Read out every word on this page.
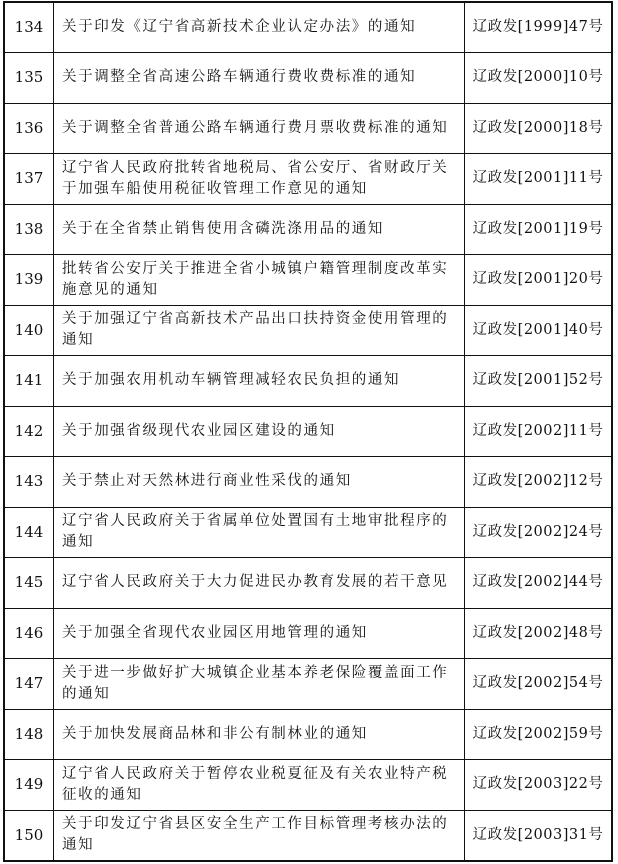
134	关于印发《辽宁省高新技术企业认定办法》的通知	辽政发[1999]47号
135	关于调整全省高速公路车辆通行费收费标准的通知	辽政发[2000]10号
136	关于调整全省普通公路车辆通行费月票收费标准的通知	辽政发[2000]18号
137	辽宁省人民政府批转省地税局、省公安厅、省财政厅关于加强车船使用税征收管理工作意见的通知	辽政发[2001]11号
138	关于在全省禁止销售使用含磷洗涤用品的通知	辽政发[2001]19号
139	批转省公安厅关于推进全省小城镇户籍管理制度改革实施意见的通知	辽政发[2001]20号
140	关于加强辽宁省高新技术产品出口扶持资金使用管理的通知	辽政发[2001]40号
141	关于加强农用机动车辆管理减轻农民负担的通知	辽政发[2001]52号
142	关于加强省级现代农业园区建设的通知	辽政发[2002]11号
143	关于禁止对天然林进行商业性采伐的通知	辽政发[2002]12号
144	辽宁省人民政府关于省属单位处置国有土地审批程序的通知	辽政发[2002]24号
145	辽宁省人民政府关于大力促进民办教育发展的若干意见	辽政发[2002]44号
146	关于加强全省现代农业园区用地管理的通知	辽政发[2002]48号
147	关于进一步做好扩大城镇企业基本养老保险覆盖面工作的通知	辽政发[2002]54号
148	关于加快发展商品林和非公有制林业的通知	辽政发[2002]59号
149	辽宁省人民政府关于暂停农业税夏征及有关农业特产税征收的通知	辽政发[2003]22号
150	关于印发辽宁省县区安全生产工作目标管理考核办法的通知	辽政发[2003]31号
